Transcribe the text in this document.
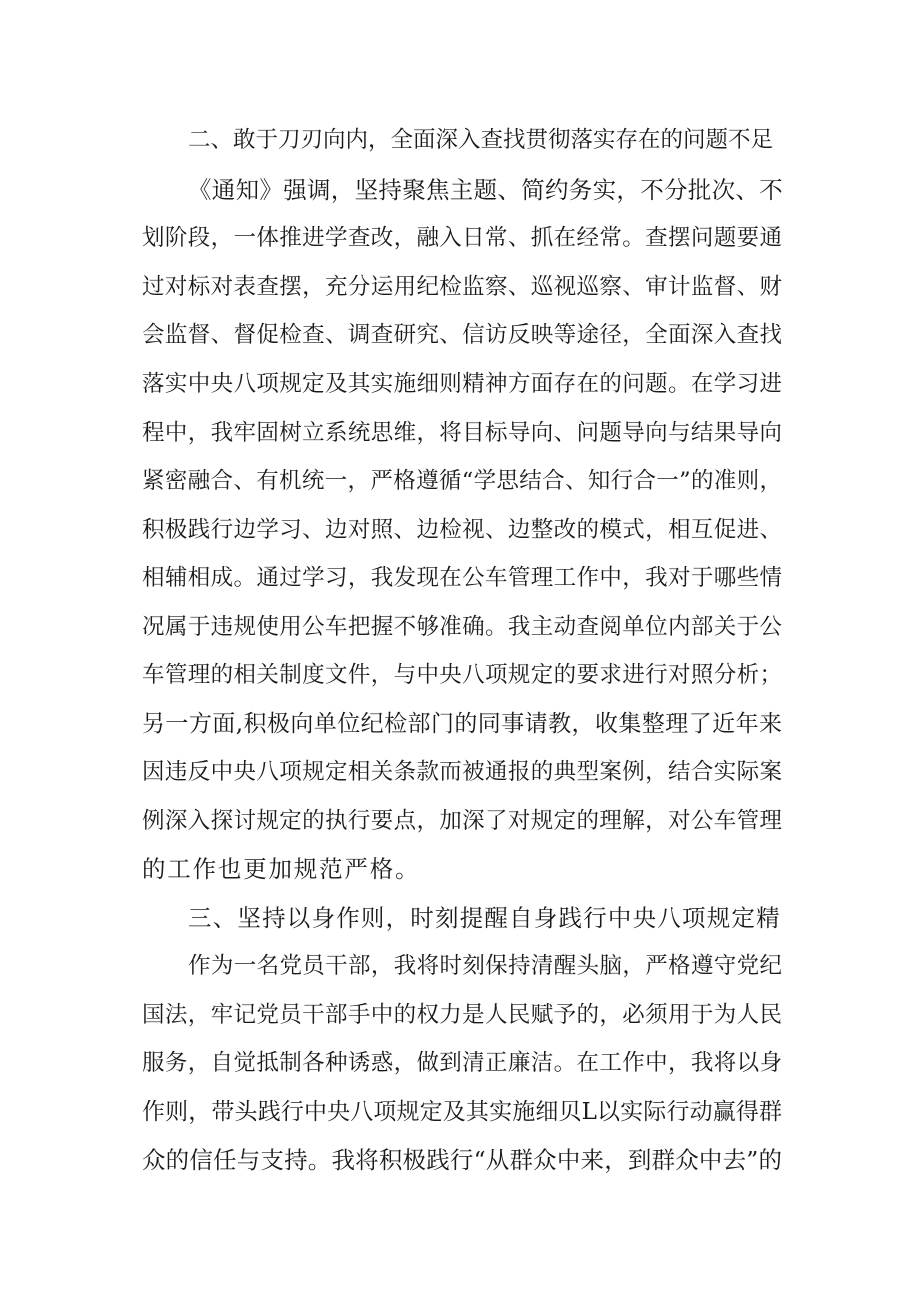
二、敢于刀刃向内，全面深入查找贯彻落实存在的问题不足
《通知》强调，坚持聚焦主题、简约务实，不分批次、不
划阶段，一体推进学查改，融入日常、抓在经常。查摆问题要通
过对标对表查摆，充分运用纪检监察、巡视巡察、审计监督、财
会监督、督促检查、调查研究、信访反映等途径，全面深入查找
落实中央八项规定及其实施细则精神方面存在的问题。在学习进
程中，我牢固树立系统思维，将目标导向、问题导向与结果导向
紧密融合、有机统一，严格遵循“学思结合、知行合一”的准则，
积极践行边学习、边对照、边检视、边整改的模式，相互促进、
相辅相成。通过学习，我发现在公车管理工作中，我对于哪些情
况属于违规使用公车把握不够准确。我主动查阅单位内部关于公
车管理的相关制度文件，与中央八项规定的要求进行对照分析；
另一方面,积极向单位纪检部门的同事请教，收集整理了近年来
因违反中央八项规定相关条款而被通报的典型案例，结合实际案
例深入探讨规定的执行要点，加深了对规定的理解，对公车管理
的工作也更加规范严格。
三、坚持以身作则，时刻提醒自身践行中央八项规定精
作为一名党员干部，我将时刻保持清醒头脑，严格遵守党纪
国法，牢记党员干部手中的权力是人民赋予的，必须用于为人民
服务，自觉抵制各种诱惑，做到清正廉洁。在工作中，我将以身
作则，带头践行中央八项规定及其实施细贝L以实际行动赢得群
众的信任与支持。我将积极践行“从群众中来，到群众中去”的
